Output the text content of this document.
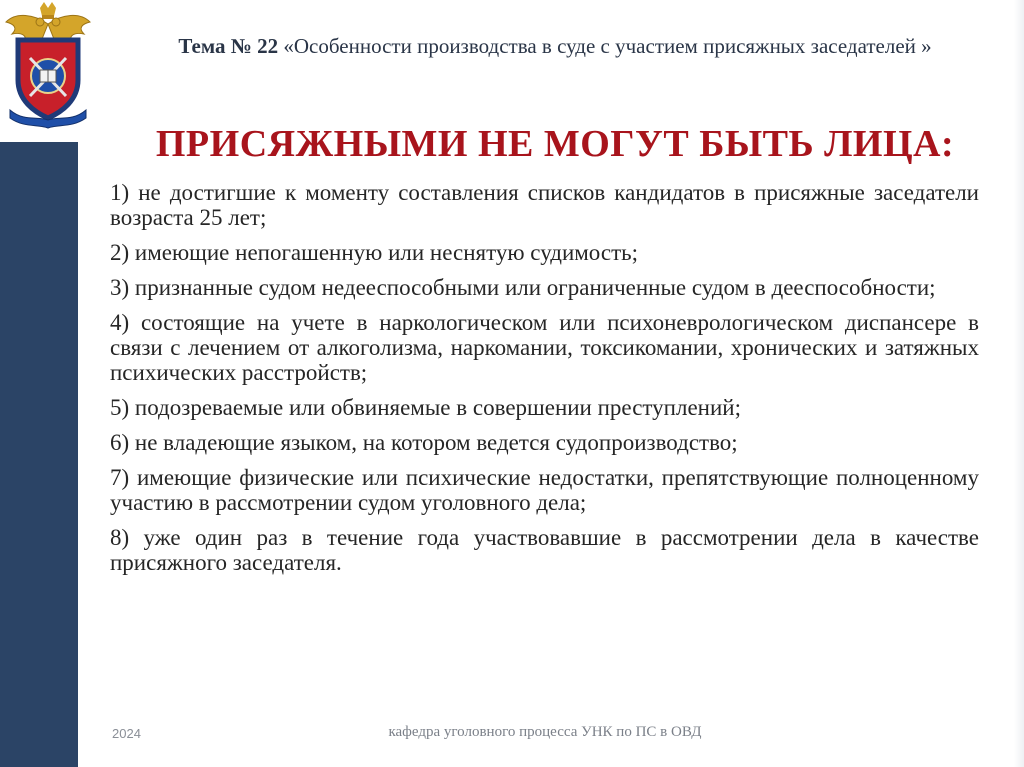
Тема № 22 «Особенности производства в суде с участием присяжных заседателей »
ПРИСЯЖНЫМИ НЕ МОГУТ БЫТЬ ЛИЦА:
1) не достигшие к моменту составления списков кандидатов в присяжные заседатели возраста 25 лет;
2) имеющие непогашенную или неснятую судимость;
3) признанные судом недееспособными или ограниченные судом в дееспособности;
4) состоящие на учете в наркологическом или психоневрологическом диспансере в связи с лечением от алкоголизма, наркомании, токсикомании, хронических и затяжных психических расстройств;
5) подозреваемые или обвиняемые в совершении преступлений;
6) не владеющие языком, на котором ведется судопроизводство;
7) имеющие физические или психические недостатки, препятствующие полноценному участию в рассмотрении судом уголовного дела;
8) уже один раз в течение года участвовавшие в рассмотрении дела в качестве присяжного заседателя.
2024	кафедра уголовного процесса УНК по ПС в ОВД
